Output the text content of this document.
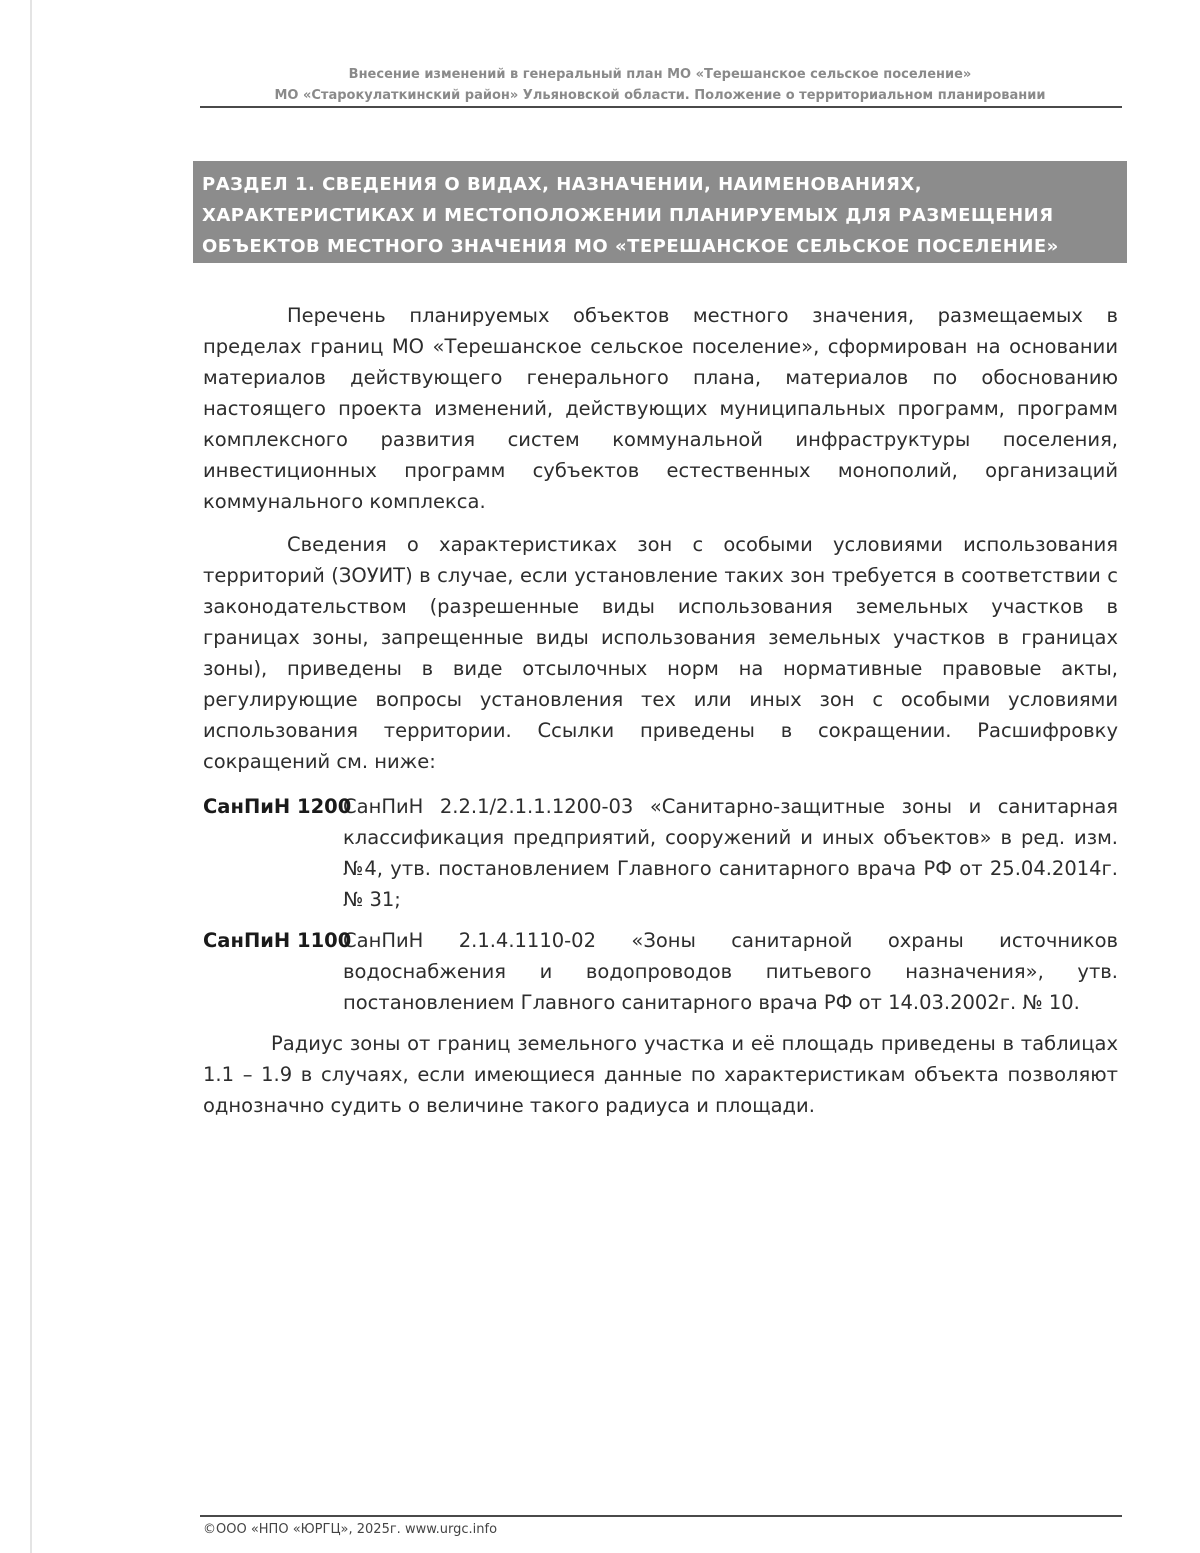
Внесение изменений в генеральный план МО «Терешанское сельское поселение»
МО «Старокулаткинский район» Ульяновской области. Положение о территориальном планировании
РАЗДЕЛ 1. СВЕДЕНИЯ О ВИДАХ, НАЗНАЧЕНИИ, НАИМЕНОВАНИЯХ, ХАРАКТЕРИСТИКАХ И МЕСТОПОЛОЖЕНИИ ПЛАНИРУЕМЫХ ДЛЯ РАЗМЕЩЕНИЯ ОБЪЕКТОВ МЕСТНОГО ЗНАЧЕНИЯ МО «ТЕРЕШАНСКОЕ СЕЛЬСКОЕ ПОСЕЛЕНИЕ»
Перечень планируемых объектов местного значения, размещаемых в пределах границ МО «Терешанское сельское поселение», сформирован на основании материалов действующего генерального плана, материалов по обоснованию настоящего проекта изменений, действующих муниципальных программ, программ комплексного развития систем коммунальной инфраструктуры поселения, инвестиционных программ субъектов естественных монополий, организаций коммунального комплекса.
Сведения о характеристиках зон с особыми условиями использования территорий (ЗОУИТ) в случае, если установление таких зон требуется в соответствии с законодательством (разрешенные виды использования земельных участков в границах зоны, запрещенные виды использования земельных участков в границах зоны), приведены в виде отсылочных норм на нормативные правовые акты, регулирующие вопросы установления тех или иных зон с особыми условиями использования территории. Ссылки приведены в сокращении. Расшифровку сокращений см. ниже:
СанПиН 1200
СанПиН 2.2.1/2.1.1.1200-03 «Санитарно-защитные зоны и санитарная классификация предприятий, сооружений и иных объектов» в ред. изм. №4, утв. постановлением Главного санитарного врача РФ от 25.04.2014г. № 31;
СанПиН 1100
СанПиН 2.1.4.1110-02 «Зоны санитарной охраны источников водоснабжения и водопроводов питьевого назначения», утв. постановлением Главного санитарного врача РФ от 14.03.2002г. № 10.
Радиус зоны от границ земельного участка и её площадь приведены в таблицах 1.1 – 1.9 в случаях, если имеющиеся данные по характеристикам объекта позволяют однозначно судить о величине такого радиуса и площади.
©ООО «НПО «ЮРГЦ», 2025г. www.urgc.info
